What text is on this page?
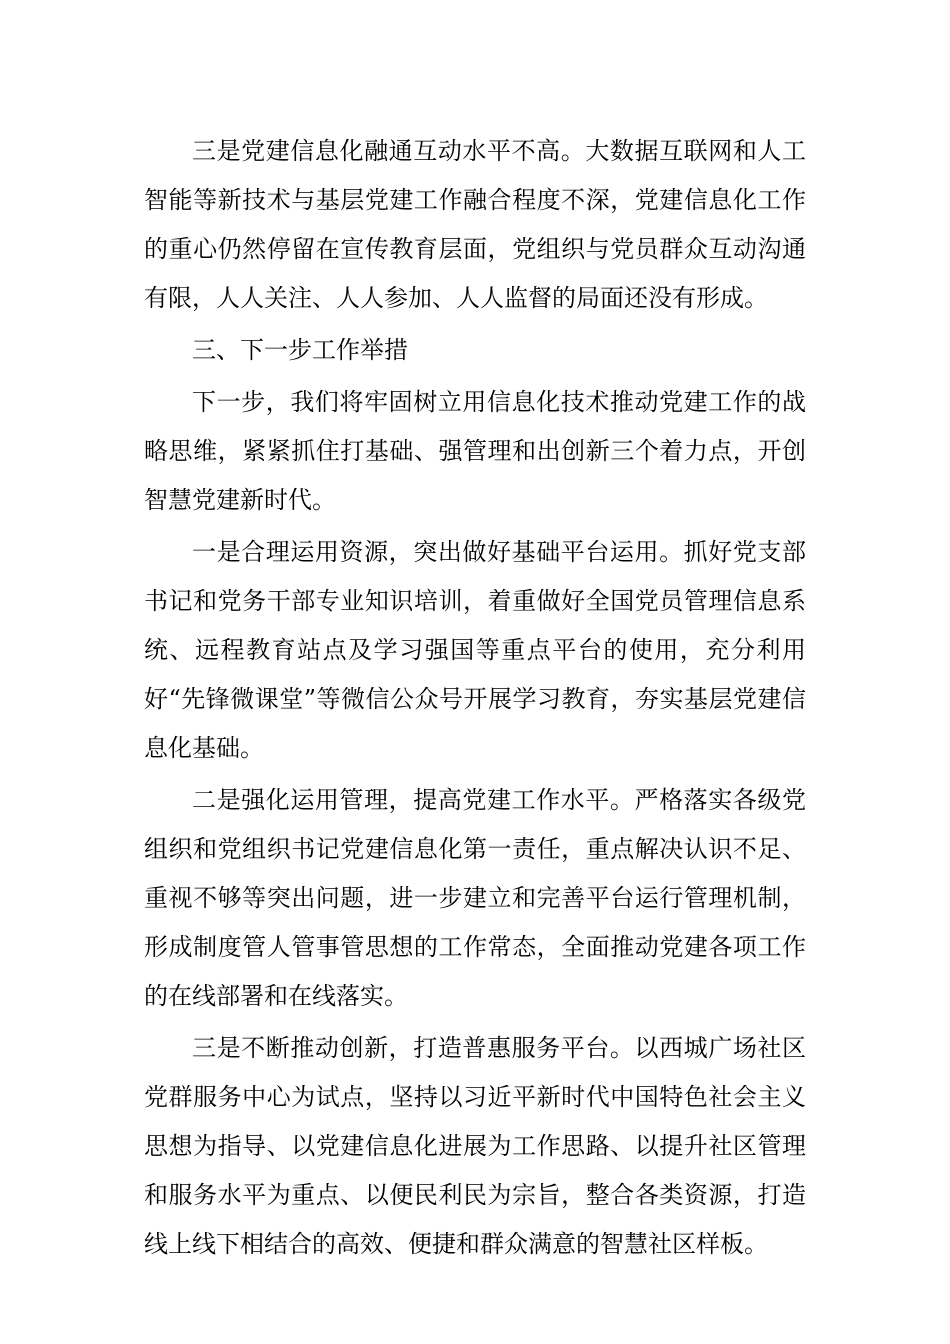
三是党建信息化融通互动水平不高。大数据互联网和人工智能等新技术与基层党建工作融合程度不深，党建信息化工作的重心仍然停留在宣传教育层面，党组织与党员群众互动沟通有限，人人关注、人人参加、人人监督的局面还没有形成。

三、下一步工作举措

下一步，我们将牢固树立用信息化技术推动党建工作的战略思维，紧紧抓住打基础、强管理和出创新三个着力点，开创智慧党建新时代。

一是合理运用资源，突出做好基础平台运用。抓好党支部书记和党务干部专业知识培训，着重做好全国党员管理信息系统、远程教育站点及学习强国等重点平台的使用，充分利用好“先锋微课堂”等微信公众号开展学习教育，夯实基层党建信息化基础。

二是强化运用管理，提高党建工作水平。严格落实各级党组织和党组织书记党建信息化第一责任，重点解决认识不足、重视不够等突出问题，进一步建立和完善平台运行管理机制，形成制度管人管事管思想的工作常态，全面推动党建各项工作的在线部署和在线落实。

三是不断推动创新，打造普惠服务平台。以西城广场社区党群服务中心为试点，坚持以习近平新时代中国特色社会主义思想为指导、以党建信息化进展为工作思路、以提升社区管理和服务水平为重点、以便民利民为宗旨，整合各类资源，打造线上线下相结合的高效、便捷和群众满意的智慧社区样板。
